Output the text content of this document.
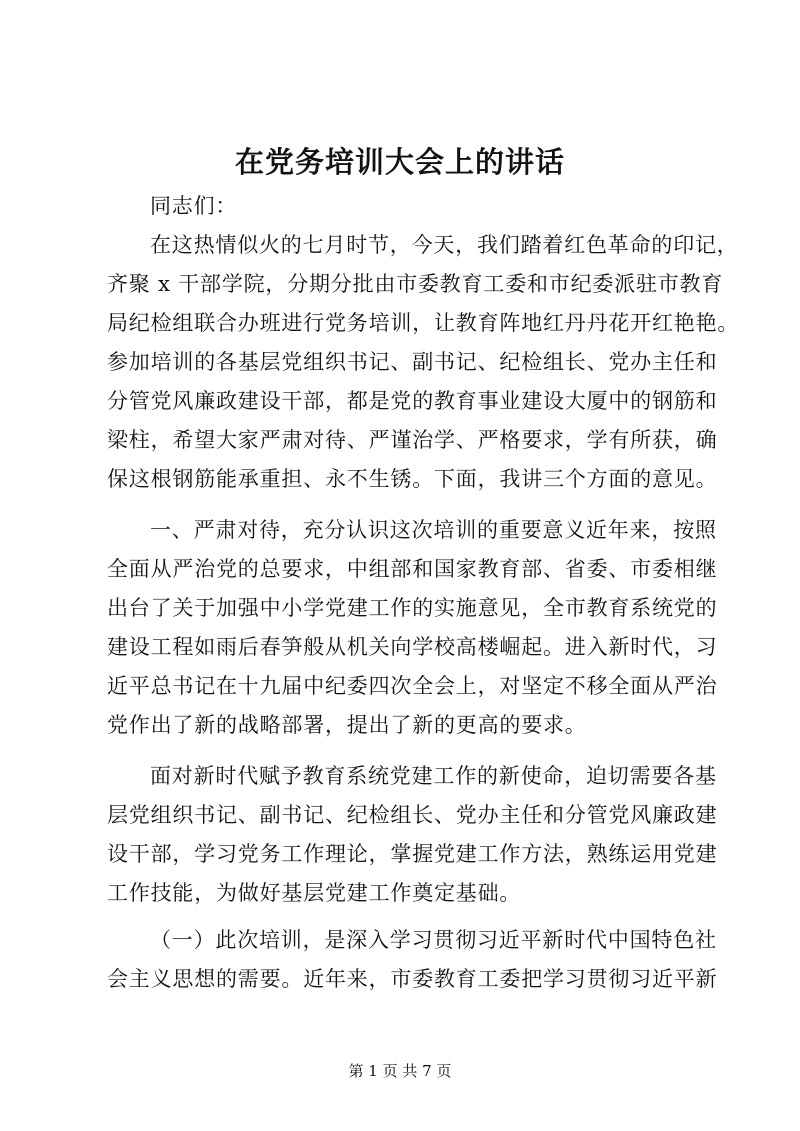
在党务培训大会上的讲话

同志们：

在这热情似火的七月时节，今天，我们踏着红色革命的印记，

齐聚 x 干部学院，分期分批由市委教育工委和市纪委派驻市教育

局纪检组联合办班进行党务培训，让教育阵地红丹丹花开红艳艳。

参加培训的各基层党组织书记、副书记、纪检组长、党办主任和

分管党风廉政建设干部，都是党的教育事业建设大厦中的钢筋和

梁柱，希望大家严肃对待、严谨治学、严格要求，学有所获，确

保这根钢筋能承重担、永不生锈。下面，我讲三个方面的意见。

一、严肃对待，充分认识这次培训的重要意义近年来，按照

全面从严治党的总要求，中组部和国家教育部、省委、市委相继

出台了关于加强中小学党建工作的实施意见，全市教育系统党的

建设工程如雨后春笋般从机关向学校高楼崛起。进入新时代，习

近平总书记在十九届中纪委四次全会上，对坚定不移全面从严治

党作出了新的战略部署，提出了新的更高的要求。

面对新时代赋予教育系统党建工作的新使命，迫切需要各基

层党组织书记、副书记、纪检组长、党办主任和分管党风廉政建

设干部，学习党务工作理论，掌握党建工作方法，熟练运用党建

工作技能，为做好基层党建工作奠定基础。

（一）此次培训，是深入学习贯彻习近平新时代中国特色社

会主义思想的需要。近年来，市委教育工委把学习贯彻习近平新

第 1 页 共 7 页
